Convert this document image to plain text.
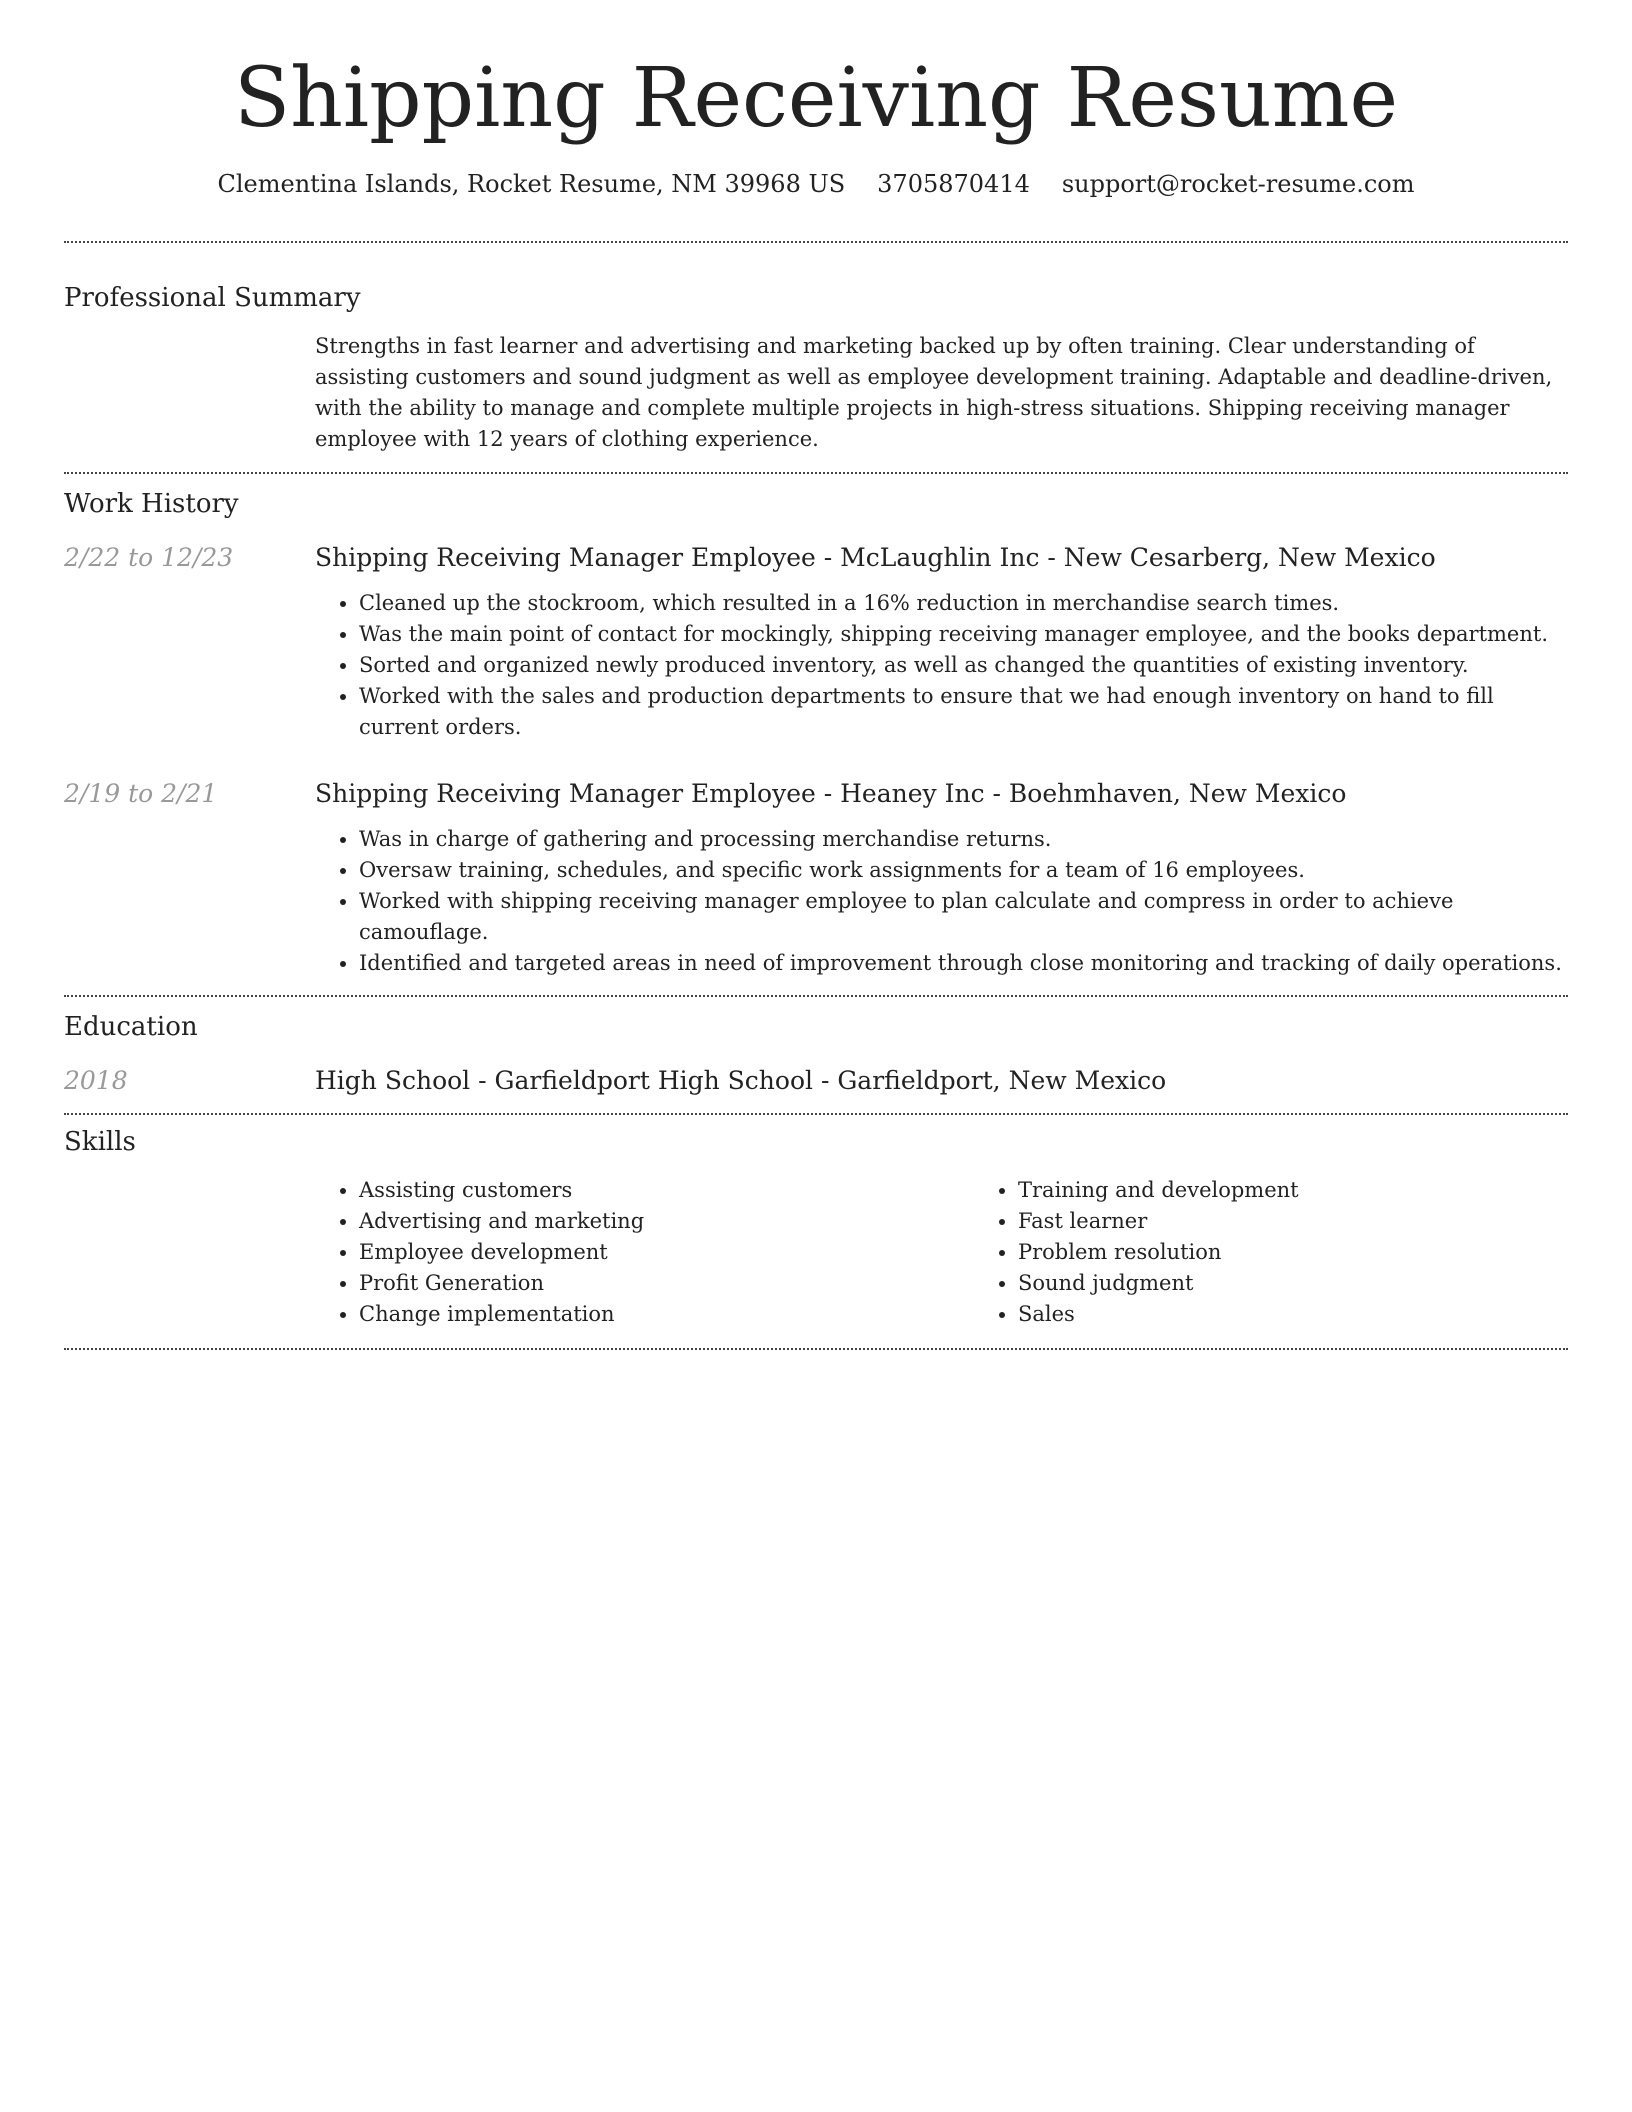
Shipping Receiving Resume
Clementina Islands, Rocket Resume, NM 39968 US 3705870414 support@rocket-resume.com
Professional Summary
Strengths in fast learner and advertising and marketing backed up by often training. Clear understanding of assisting customers and sound judgment as well as employee development training. Adaptable and deadline-driven, with the ability to manage and complete multiple projects in high-stress situations. Shipping receiving manager employee with 12 years of clothing experience.
Work History
2/22 to 12/23	Shipping Receiving Manager Employee - McLaughlin Inc - New Cesarberg, New Mexico
• Cleaned up the stockroom, which resulted in a 16% reduction in merchandise search times.
• Was the main point of contact for mockingly, shipping receiving manager employee, and the books department.
• Sorted and organized newly produced inventory, as well as changed the quantities of existing inventory.
• Worked with the sales and production departments to ensure that we had enough inventory on hand to fill current orders.
2/19 to 2/21	Shipping Receiving Manager Employee - Heaney Inc - Boehmhaven, New Mexico
• Was in charge of gathering and processing merchandise returns.
• Oversaw training, schedules, and specific work assignments for a team of 16 employees.
• Worked with shipping receiving manager employee to plan calculate and compress in order to achieve camouflage.
• Identified and targeted areas in need of improvement through close monitoring and tracking of daily operations.
Education
2018	High School - Garfieldport High School - Garfieldport, New Mexico
Skills
• Assisting customers
• Advertising and marketing
• Employee development
• Profit Generation
• Change implementation
• Training and development
• Fast learner
• Problem resolution
• Sound judgment
• Sales
